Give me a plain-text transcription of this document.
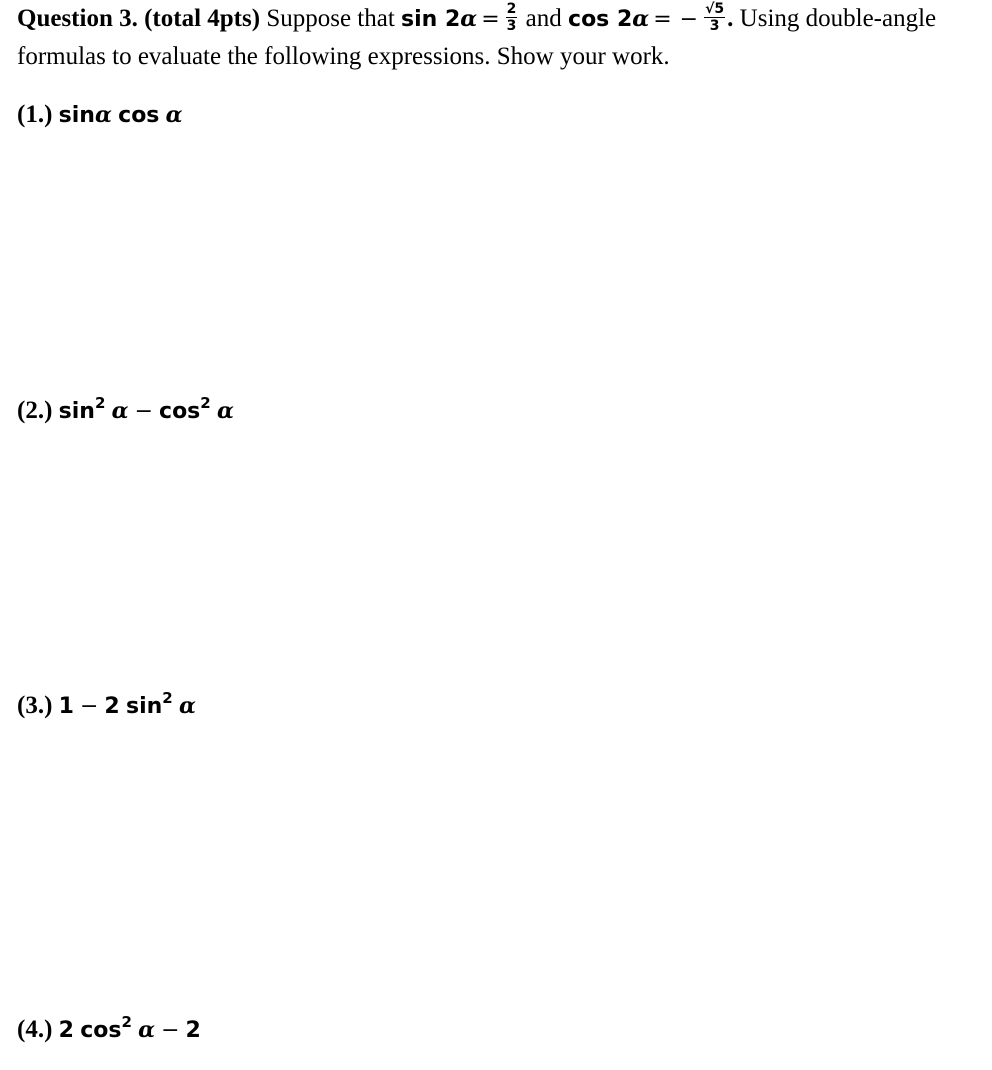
Question 3. (total 4pts) Suppose that $\sin 2\alpha = \frac{2}{3}$ and cos 2α = − $\frac{√5}{3}$ . Using double-angle
formulas to evaluate the following expressions. Show your work.
(1.) sinα cos α
(2.) $\sin^2 \alpha - \cos^2 \alpha$
(3.) 1 − 2 $\sin^2 \alpha$
(4.) 2 $\cos^2 \alpha - 2$
